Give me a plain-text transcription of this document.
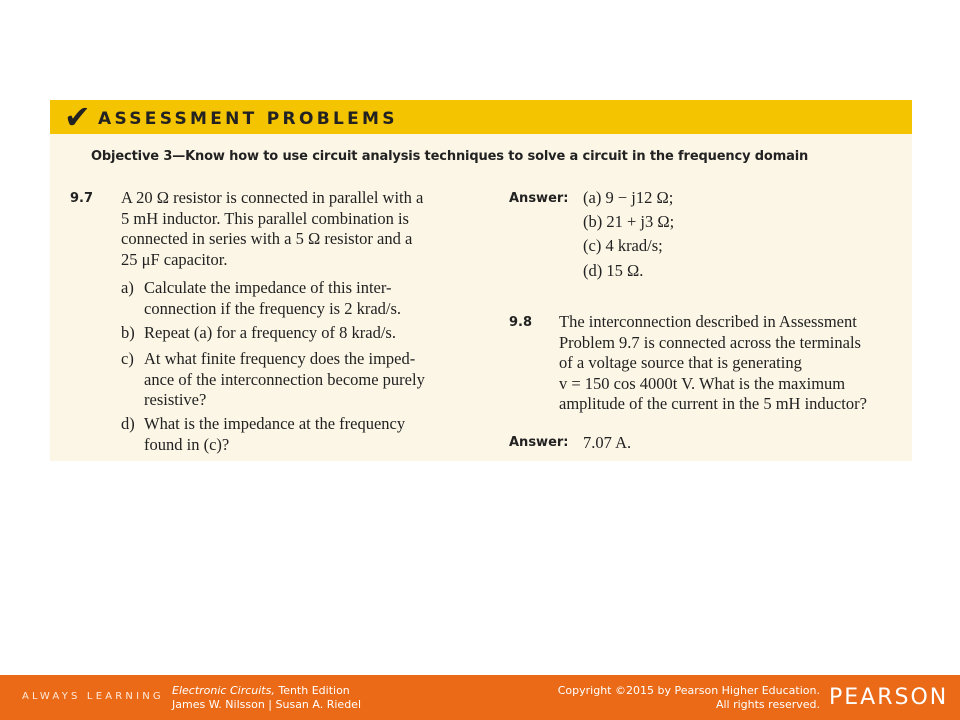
✔ ASSESSMENT PROBLEMS
Objective 3—Know how to use circuit analysis techniques to solve a circuit in the frequency domain
9.7 A 20 Ω resistor is connected in parallel with a
5 mH inductor. This parallel combination is
connected in series with a 5 Ω resistor and a
25 μF capacitor.
a) Calculate the impedance of this inter-
connection if the frequency is 2 krad/s.
b) Repeat (a) for a frequency of 8 krad/s.
c) At what finite frequency does the imped-
ance of the interconnection become purely
resistive?
d) What is the impedance at the frequency
found in (c)?
Answer: (a) 9 − j12 Ω;
(b) 21 + j3 Ω;
(c) 4 krad/s;
(d) 15 Ω.
9.8 The interconnection described in Assessment
Problem 9.7 is connected across the terminals
of a voltage source that is generating
v = 150 cos 4000t V. What is the maximum
amplitude of the current in the 5 mH inductor?
Answer: 7.07 A.
ALWAYS LEARNING Electronic Circuits, Tenth Edition
James W. Nilsson | Susan A. Riedel
Copyright ©2015 by Pearson Higher Education.
All rights reserved. PEARSON
